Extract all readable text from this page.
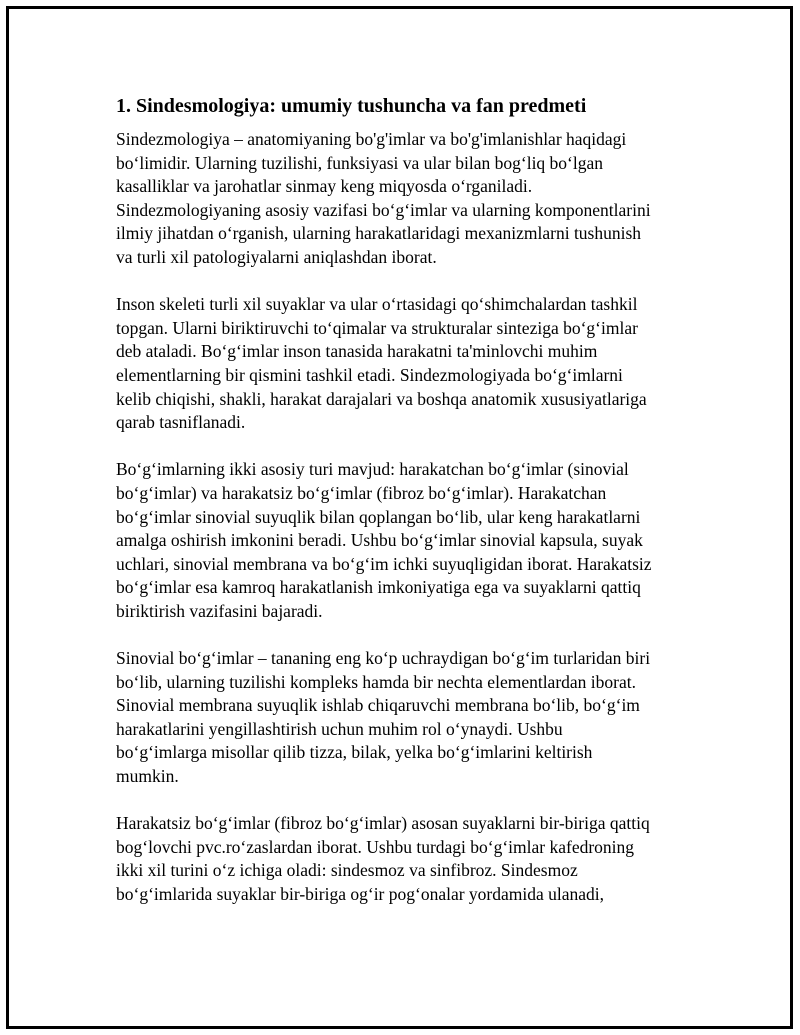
1. Sindesmologiya: umumiy tushuncha va fan predmeti
Sindezmologiya – anatomiyaning bo'g'imlar va bo'g'imlanishlar haqidagi
bo‘limidir. Ularning tuzilishi, funksiyasi va ular bilan bog‘liq bo‘lgan
kasalliklar va jarohatlar sinmay keng miqyosda o‘rganiladi.
Sindezmologiyaning asosiy vazifasi bo‘g‘imlar va ularning komponentlarini
ilmiy jihatdan o‘rganish, ularning harakatlaridagi mexanizmlarni tushunish
va turli xil patologiyalarni aniqlashdan iborat.
Inson skeleti turli xil suyaklar va ular o‘rtasidagi qo‘shimchalardan tashkil
topgan. Ularni biriktiruvchi to‘qimalar va strukturalar sinteziga bo‘g‘imlar
deb ataladi. Bo‘g‘imlar inson tanasida harakatni ta'minlovchi muhim
elementlarning bir qismini tashkil etadi. Sindezmologiyada bo‘g‘imlarni
kelib chiqishi, shakli, harakat darajalari va boshqa anatomik xususiyatlariga
qarab tasniflanadi.
Bo‘g‘imlarning ikki asosiy turi mavjud: harakatchan bo‘g‘imlar (sinovial
bo‘g‘imlar) va harakatsiz bo‘g‘imlar (fibroz bo‘g‘imlar). Harakatchan
bo‘g‘imlar sinovial suyuqlik bilan qoplangan bo‘lib, ular keng harakatlarni
amalga oshirish imkonini beradi. Ushbu bo‘g‘imlar sinovial kapsula, suyak
uchlari, sinovial membrana va bo‘g‘im ichki suyuqligidan iborat. Harakatsiz
bo‘g‘imlar esa kamroq harakatlanish imkoniyatiga ega va suyaklarni qattiq
biriktirish vazifasini bajaradi.
Sinovial bo‘g‘imlar – tananing eng ko‘p uchraydigan bo‘g‘im turlaridan biri
bo‘lib, ularning tuzilishi kompleks hamda bir nechta elementlardan iborat.
Sinovial membrana suyuqlik ishlab chiqaruvchi membrana bo‘lib, bo‘g‘im
harakatlarini yengillashtirish uchun muhim rol o‘ynaydi. Ushbu
bo‘g‘imlarga misollar qilib tizza, bilak, yelka bo‘g‘imlarini keltirish
mumkin.
Harakatsiz bo‘g‘imlar (fibroz bo‘g‘imlar) asosan suyaklarni bir-biriga qattiq
bog‘lovchi pvc.ro‘zaslardan iborat. Ushbu turdagi bo‘g‘imlar kafedroning
ikki xil turini o‘z ichiga oladi: sindesmoz va sinfibroz. Sindesmoz
bo‘g‘imlarida suyaklar bir-biriga og‘ir pog‘onalar yordamida ulanadi,
